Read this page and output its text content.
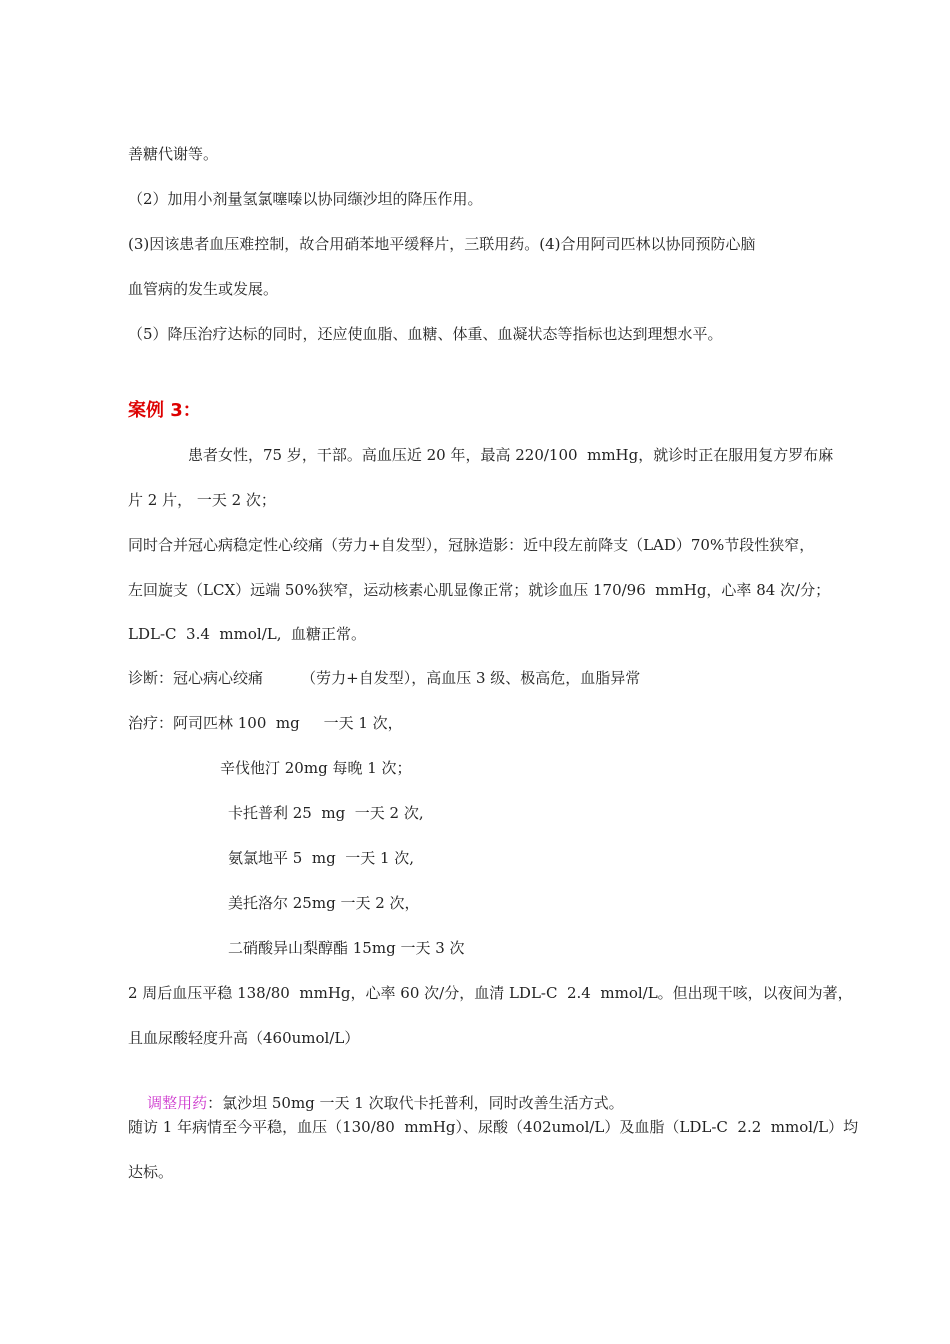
善糖代谢等。
（2）加用小剂量氢氯噻嗪以协同缬沙坦的降压作用。
(3)因该患者血压难控制，故合用硝苯地平缓释片，三联用药。(4)合用阿司匹林以协同预防心脑
血管病的发生或发展。
（5）降压治疗达标的同时，还应使血脂、血糖、体重、血凝状态等指标也达到理想水平。
案例 3：
患者女性，75 岁，干部。高血压近 20 年，最高 220/100  mmHg，就诊时正在服用复方罗布麻
片 2 片， 一天 2 次；
同时合并冠心病稳定性心绞痛（劳力+自发型），冠脉造影：近中段左前降支（LAD）70%节段性狭窄，
左回旋支（LCX）远端 50%狭窄，运动核素心肌显像正常；就诊血压 170/96  mmHg，心率 84 次/分；
LDL-C  3.4  mmol/L,  血糖正常。
诊断：冠心病心绞痛        （劳力+自发型），高血压 3 级、极高危，血脂异常
治疗：阿司匹林 100  mg     一天 1 次，
辛伐他汀 20mg 每晚 1 次；
卡托普利 25  mg  一天 2 次,
氨氯地平 5  mg  一天 1 次,
美托洛尔 25mg 一天 2 次，
二硝酸异山梨醇酯 15mg 一天 3 次
2 周后血压平稳 138/80  mmHg，心率 60 次/分，血清 LDL-C  2.4  mmol/L。但出现干咳，以夜间为著，
且血尿酸轻度升高（460umol/L）

调整用药：氯沙坦 50mg 一天 1 次取代卡托普利，同时改善生活方式。

随访 1 年病情至今平稳，血压（130/80  mmHg）、尿酸（402umol/L）及血脂（LDL-C  2.2  mmol/L）均
达标。
